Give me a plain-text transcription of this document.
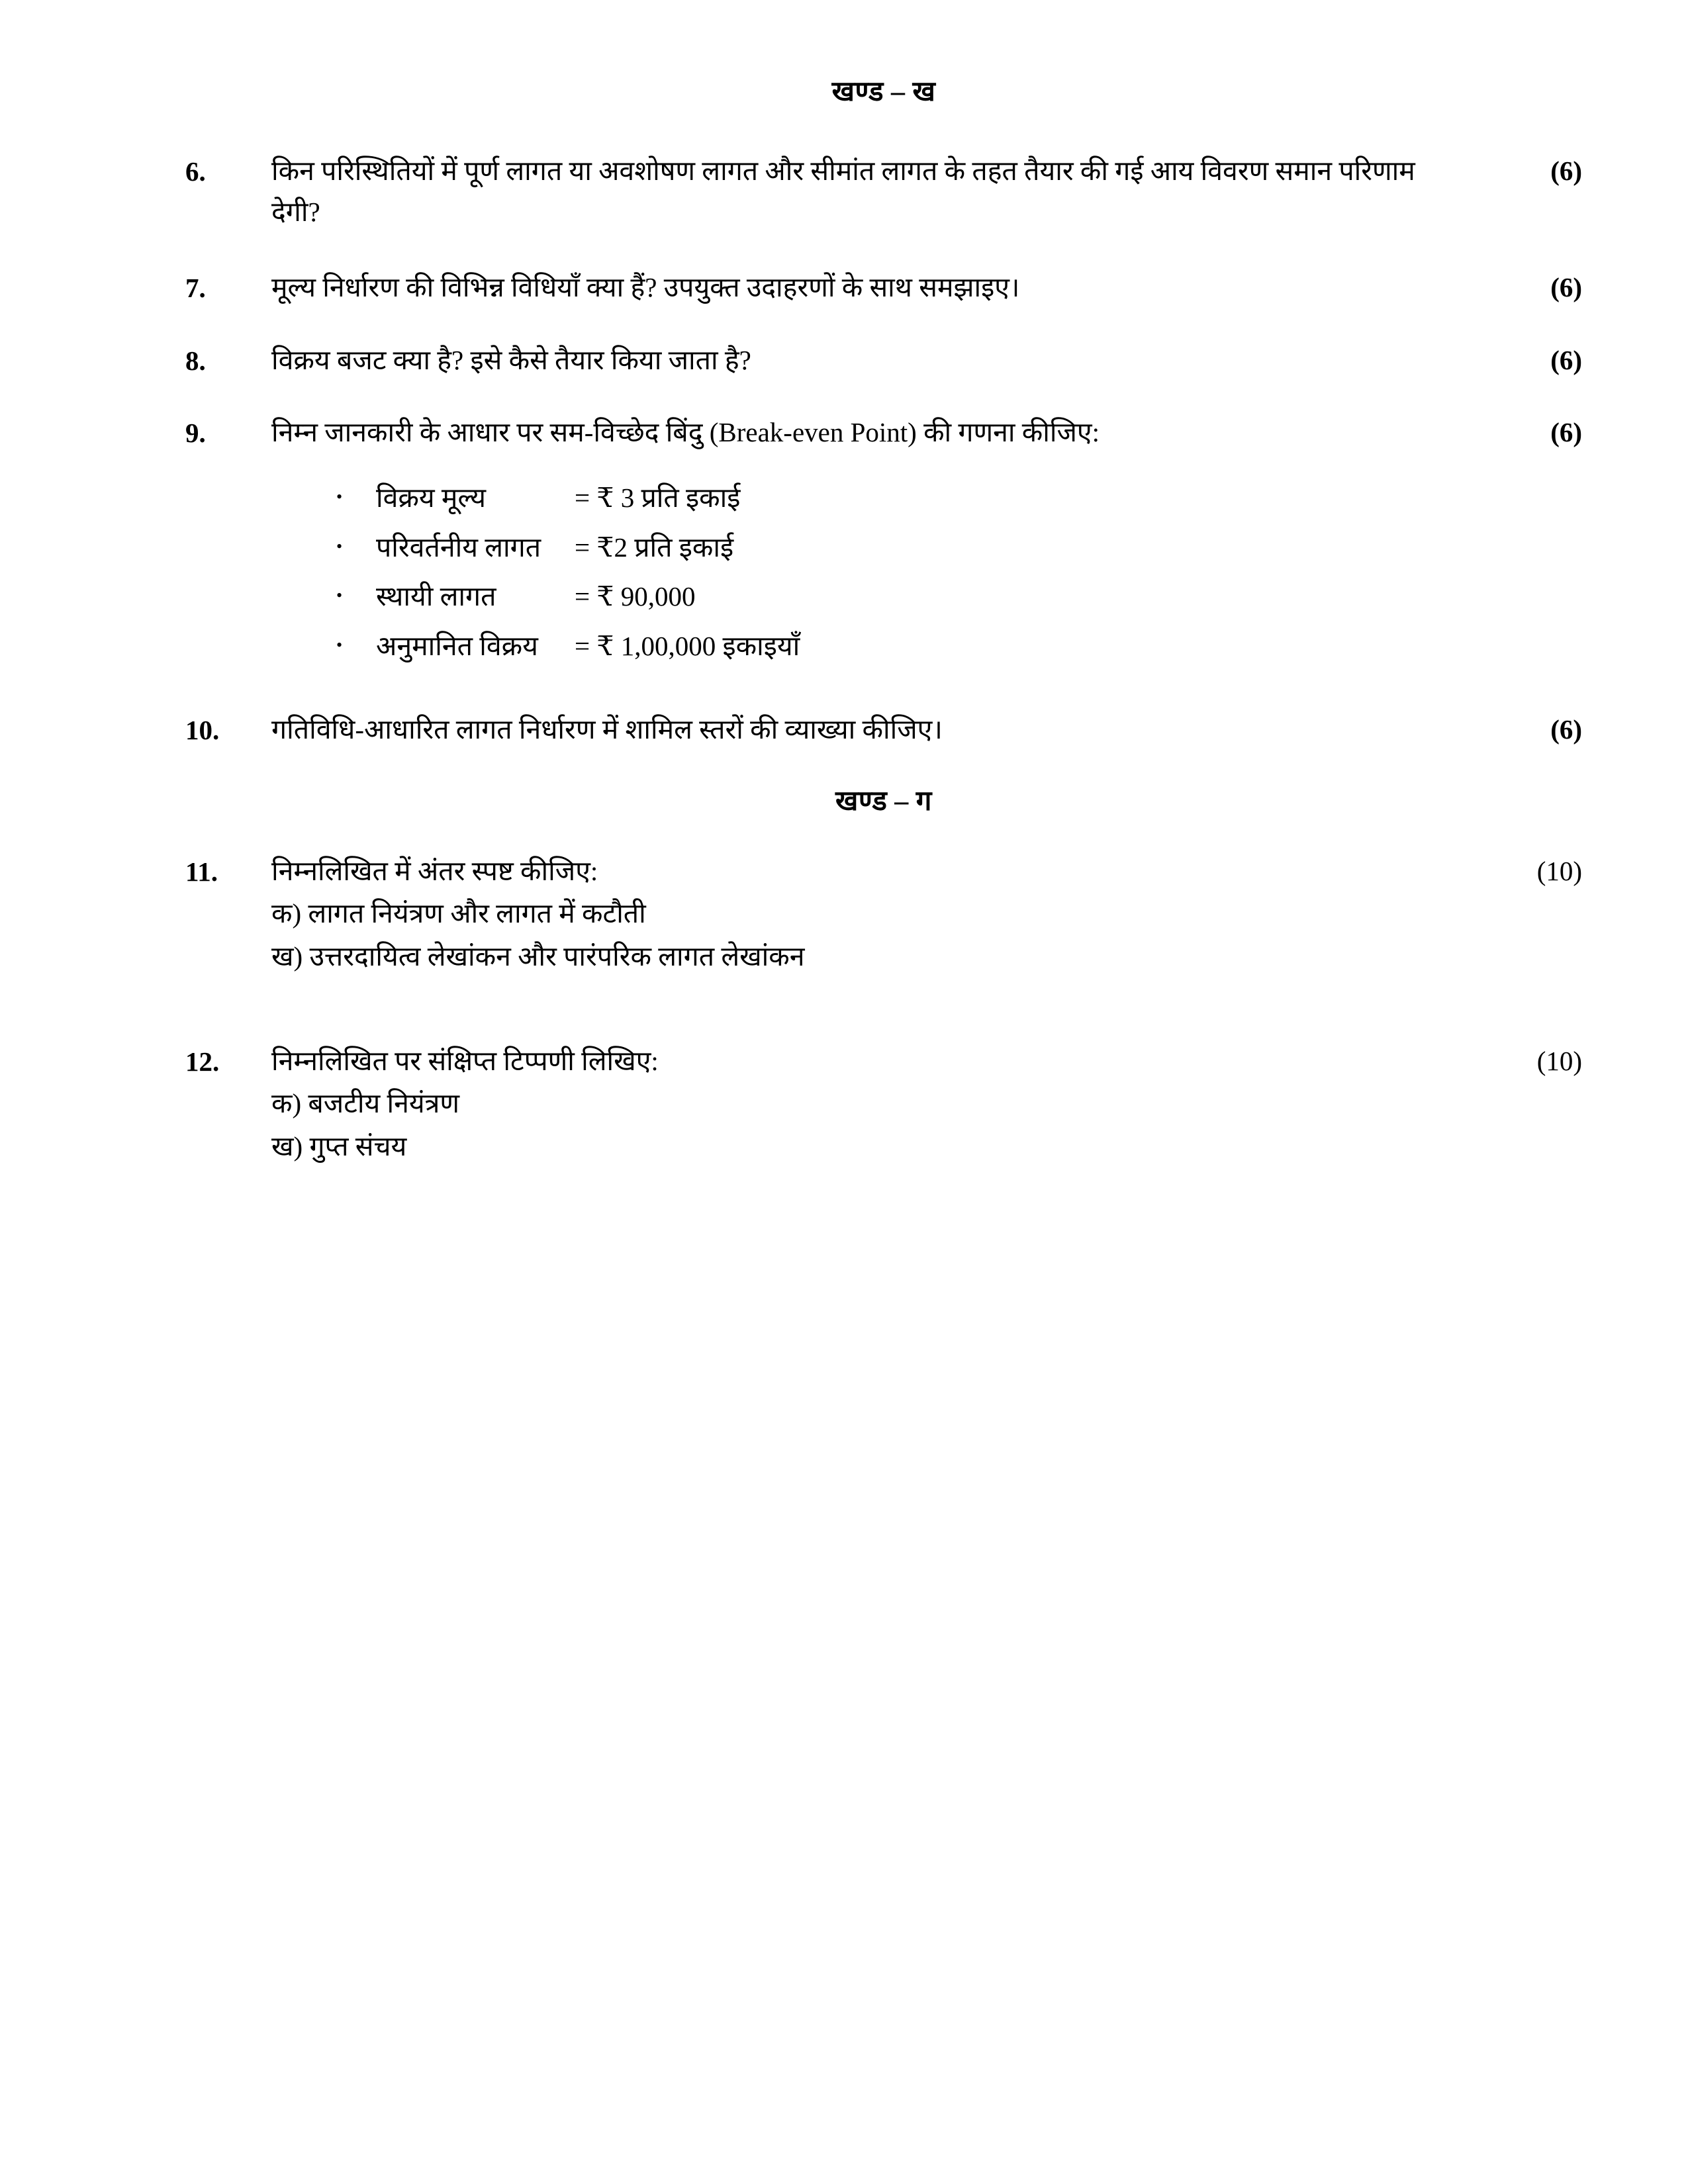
खण्ड – ख
6.	किन परिस्थितियों में पूर्ण लागत या अवशोषण लागत और सीमांत लागत के तहत तैयार की गई आय विवरण समान परिणाम देगी?
(6)
7.	मूल्य निर्धारण की विभिन्न विधियाँ क्या हैं? उपयुक्त उदाहरणों के साथ समझाइए।	(6)
8.	विक्रय बजट क्या है? इसे कैसे तैयार किया जाता है?	(6)
9.	निम्न जानकारी के आधार पर सम-विच्छेद बिंदु (Break-even Point) की गणना कीजिए:	(6)
•	विक्रय मूल्य	= ₹ 3 प्रति इकाई
•	परिवर्तनीय लागत	= ₹2 प्रति इकाई
•	स्थायी लागत	= ₹ 90,000
•	अनुमानित विक्रय	= ₹ 1,00,000 इकाइयाँ
10.	गतिविधि-आधारित लागत निर्धारण में शामिल स्तरों की व्याख्या कीजिए।	(6)
खण्ड – ग
11.	निम्नलिखित में अंतर स्पष्ट कीजिए:
क) लागत नियंत्रण और लागत में कटौती
ख) उत्तरदायित्व लेखांकन और पारंपरिक लागत लेखांकन
(10)
12.	निम्नलिखित पर संक्षिप्त टिप्पणी लिखिए:
क) बजटीय नियंत्रण
ख) गुप्त संचय
(10)
